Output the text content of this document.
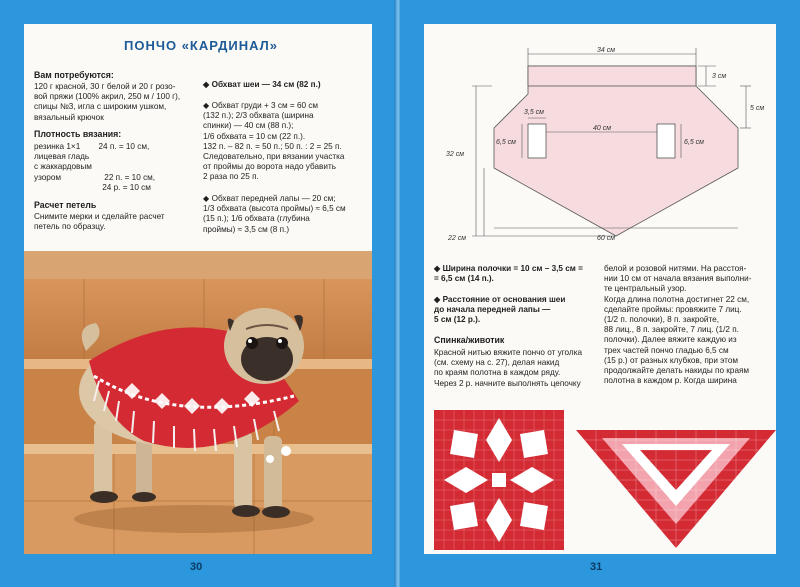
ПОНЧО «КАРДИНАЛ»
Вам потребуются:
120 г красной, 30 г белой и 20 г розо-
вой пряжи (100% акрил, 250 м / 100 г),
спицы №3, игла с широким ушком,
вязальный крючок
Плотность вязания:
резинка 1×1        24 п. = 10 см,
лицевая гладь
с жаккардовым
узором                   22 п. = 10 см,
24 р. = 10 см
Расчет петель
Снимите мерки и сделайте расчет
петель по образцу.
◆ Обхват шеи — 34 см (82 п.)
◆ Обхват груди + 3 см = 60 см
(132 п.); 2/3 обхвата (ширина
спинки) — 40 см (88 п.);
1/6 обхвата = 10 см (22 п.).
132 п. – 82 п. = 50 п.; 50 п. : 2 = 25 п.
Следовательно, при вязании участка
от проймы до ворота надо убавить
2 раза по 25 п.
◆ Обхват передней лапы — 20 см;
1/3 обхвата (высота проймы) ≈ 6,5 см
(15 п.); 1/6 обхвата (глубина
проймы) ≈ 3,5 см (8 п.)
30
34 см
3 см
5 см
3,5 см
40 см
6,5 см	6,5 см
32 см
22 см	60 см
◆ Ширина полочки = 10 см – 3,5 см =
= 6,5 см (14 п.).
◆ Расстояние от основания шеи
до начала передней лапы —
5 см (12 р.).
Спинка/животик
Красной нитью вяжите пончо от уголка
(см. схему на с. 27), делая накид
по краям полотна в каждом ряду.
Через 2 р. начните выполнять цепочку
белой и розовой нитями. На расстоя-
нии 10 см от начала вязания выполни-
те центральный узор.
Когда длина полотна достигнет 22 см,
сделайте проймы: провяжите 7 лиц.
(1/2 п. полочки), 8 п. закройте,
88 лиц., 8 п. закройте, 7 лиц. (1/2 п.
полочки). Далее вяжите каждую из
трех частей пончо гладью 6,5 см
(15 р.) от разных клубков, при этом
продолжайте делать накиды по краям
полотна в каждом р. Когда ширина
31
